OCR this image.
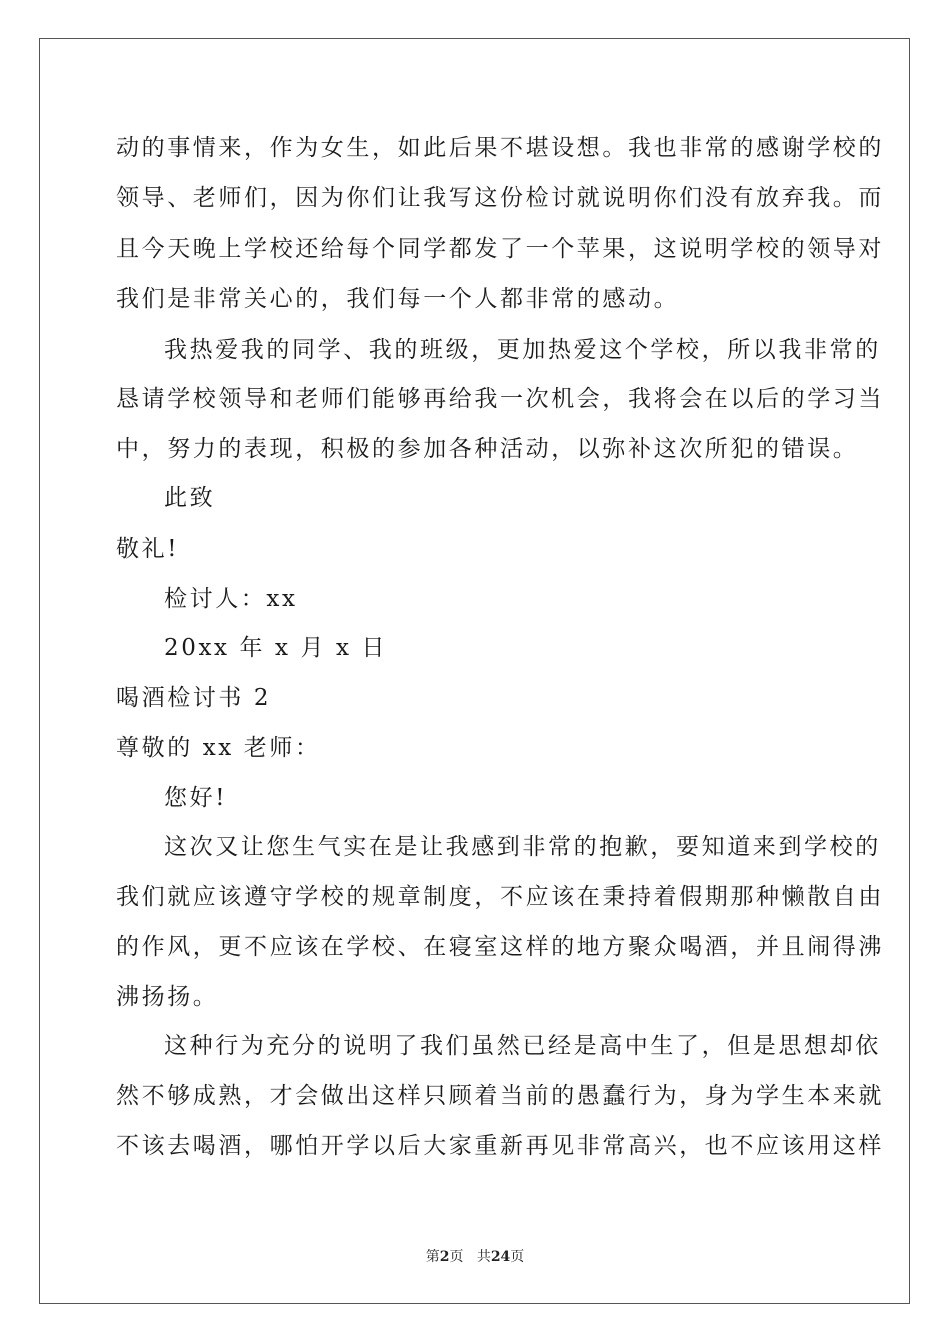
动的事情来，作为女生，如此后果不堪设想。我也非常的感谢学校的
领导、老师们，因为你们让我写这份检讨就说明你们没有放弃我。而
且今天晚上学校还给每个同学都发了一个苹果，这说明学校的领导对
我们是非常关心的，我们每一个人都非常的感动。
我热爱我的同学、我的班级，更加热爱这个学校，所以我非常的
恳请学校领导和老师们能够再给我一次机会，我将会在以后的学习当
中，努力的表现，积极的参加各种活动，以弥补这次所犯的错误。
此致
敬礼!
检讨人：xx
20xx 年 x 月 x 日
喝酒检讨书 2
尊敬的 xx 老师：
您好!
这次又让您生气实在是让我感到非常的抱歉，要知道来到学校的
我们就应该遵守学校的规章制度，不应该在秉持着假期那种懒散自由
的作风，更不应该在学校、在寝室这样的地方聚众喝酒，并且闹得沸
沸扬扬。
这种行为充分的说明了我们虽然已经是高中生了，但是思想却依
然不够成熟，才会做出这样只顾着当前的愚蠢行为，身为学生本来就
不该去喝酒，哪怕开学以后大家重新再见非常高兴，也不应该用这样
第2页 共24页
